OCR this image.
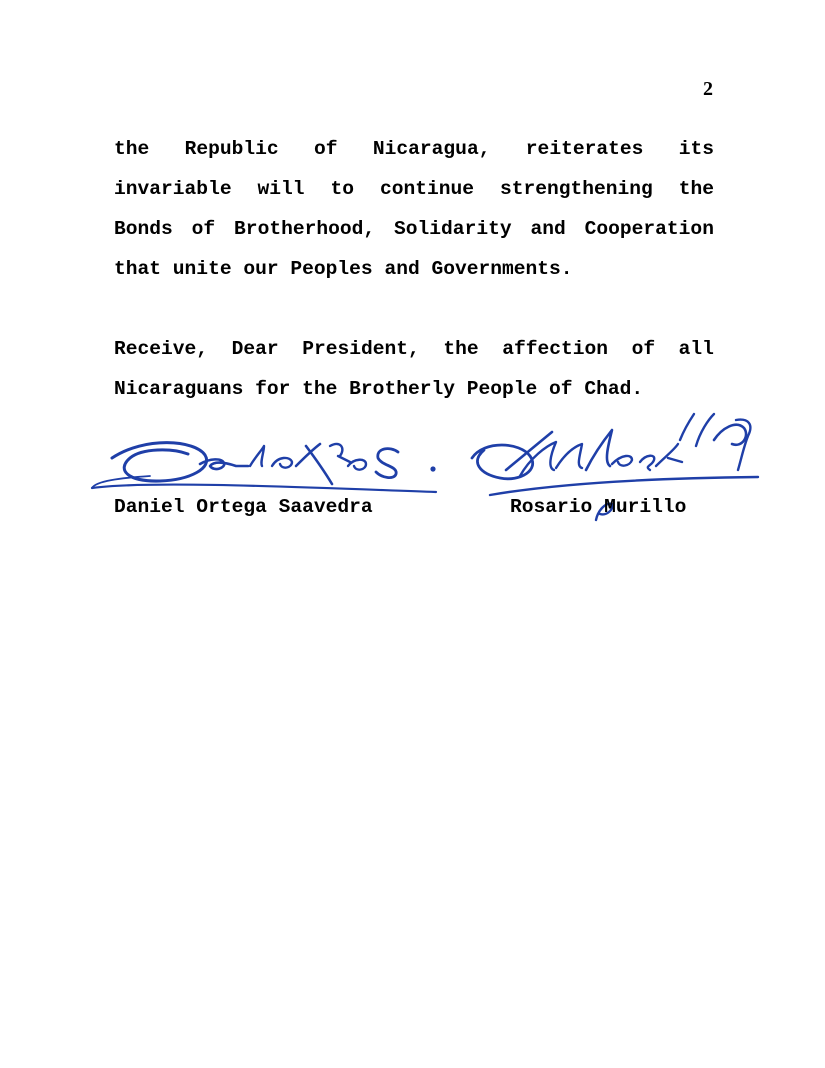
2
the Republic of Nicaragua, reiterates its
invariable will to continue strengthening the
Bonds of Brotherhood, Solidarity and Cooperation
that unite our Peoples and Governments.
Receive, Dear President, the affection of all
Nicaraguans for the Brotherly People of Chad.
Daniel Ortega Saavedra	Rosario Murillo
